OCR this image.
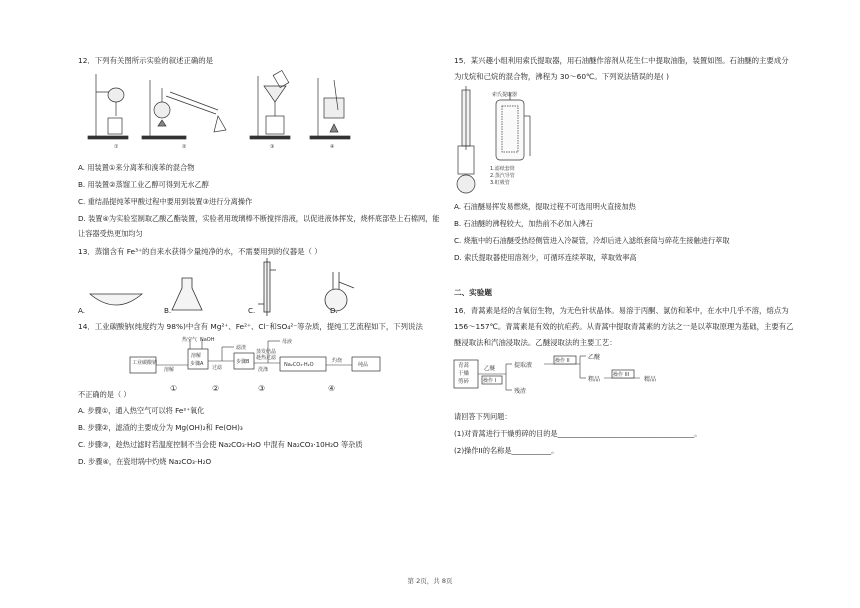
12．下列有关图所示实验的叙述正确的是
①	②	③	④
A. 用装置①来分离苯和溴苯的混合物
B. 用装置②蒸馏工业乙醇可得到无水乙醇
C. 重结晶提纯苯甲酸过程中要用到装置③进行分离操作
D. 装置④为实验室制取乙酸乙酯装置，实验者用玻璃棒不断搅拌溶液，以促进液体挥发，烧杯底部垫上石棉网，能
让容器受热更加均匀
13．蒸馏含有 Fe³⁺的自来水获得少量纯净的水，不需要用到的仪器是（ ）
A.	B.	C.	D.
14．工业碳酸钠(纯度约为 98%)中含有 Mg²⁺、Fe²⁺、Cl⁻和SO₄²⁻等杂质，提纯工艺流程如下，下列说法
热空气 NaOH
滤渣
蒸发结晶
趁热过滤
母液
灼烧
工业碳酸钠
溶解
步骤A	步骤B	Na₂CO₃·H₂O	纯品
溶解	过滤	洗涤
①	②	③	④
不正确的是（ ）
A. 步骤①，通入热空气可以将 Fe²⁺氧化
B. 步骤②，滤渣的主要成分为 Mg(OH)₂和 Fe(OH)₃
C. 步骤③，趁热过滤时若温度控制不当会使 Na₂CO₃·H₂O 中混有 Na₂CO₃·10H₂O 等杂质
D. 步骤④，在瓷坩埚中灼烧 Na₂CO₃·H₂O
15．某兴趣小组利用索氏提取器，用石油醚作溶剂从花生仁中提取油脂，装置如图。石油醚的主要成分
为戊烷和己烷的混合物，沸程为 30～60℃。下列说法错误的是( )
索氏提取器
1.滤纸套筒
2.蒸汽导管
3.虹吸管
A. 石油醚易挥发易燃烧，提取过程不可选用明火直接加热
B. 石油醚的沸程较大，加热前不必加入沸石
C. 烧瓶中的石油醚受热经侧管进入冷凝管，冷却后进入滤纸套筒与碎花生接触进行萃取
D. 索氏提取器使用溶剂少，可循环连续萃取，萃取效率高
二、实验题
16．青蒿素是烃的含氧衍生物，为无色针状晶体。易溶于丙酮、氯仿和苯中，在水中几乎不溶，熔点为
156～157℃。青蒿素是有效的抗疟药。从青蒿中提取青蒿素的方法之一是以萃取原理为基础，主要有乙
醚浸取法和汽油浸取法。乙醚浸取法的主要工艺：
青蒿
干燥
剪碎
乙醚
操作 I
提取液
残渣
操作 II	乙醚
粗品
操作 III
精品
请回答下列问题：
(1)对青蒿进行干燥剪碎的目的是______________________________________。
(2)操作II的名称是___________。
第 2页，共 8页
